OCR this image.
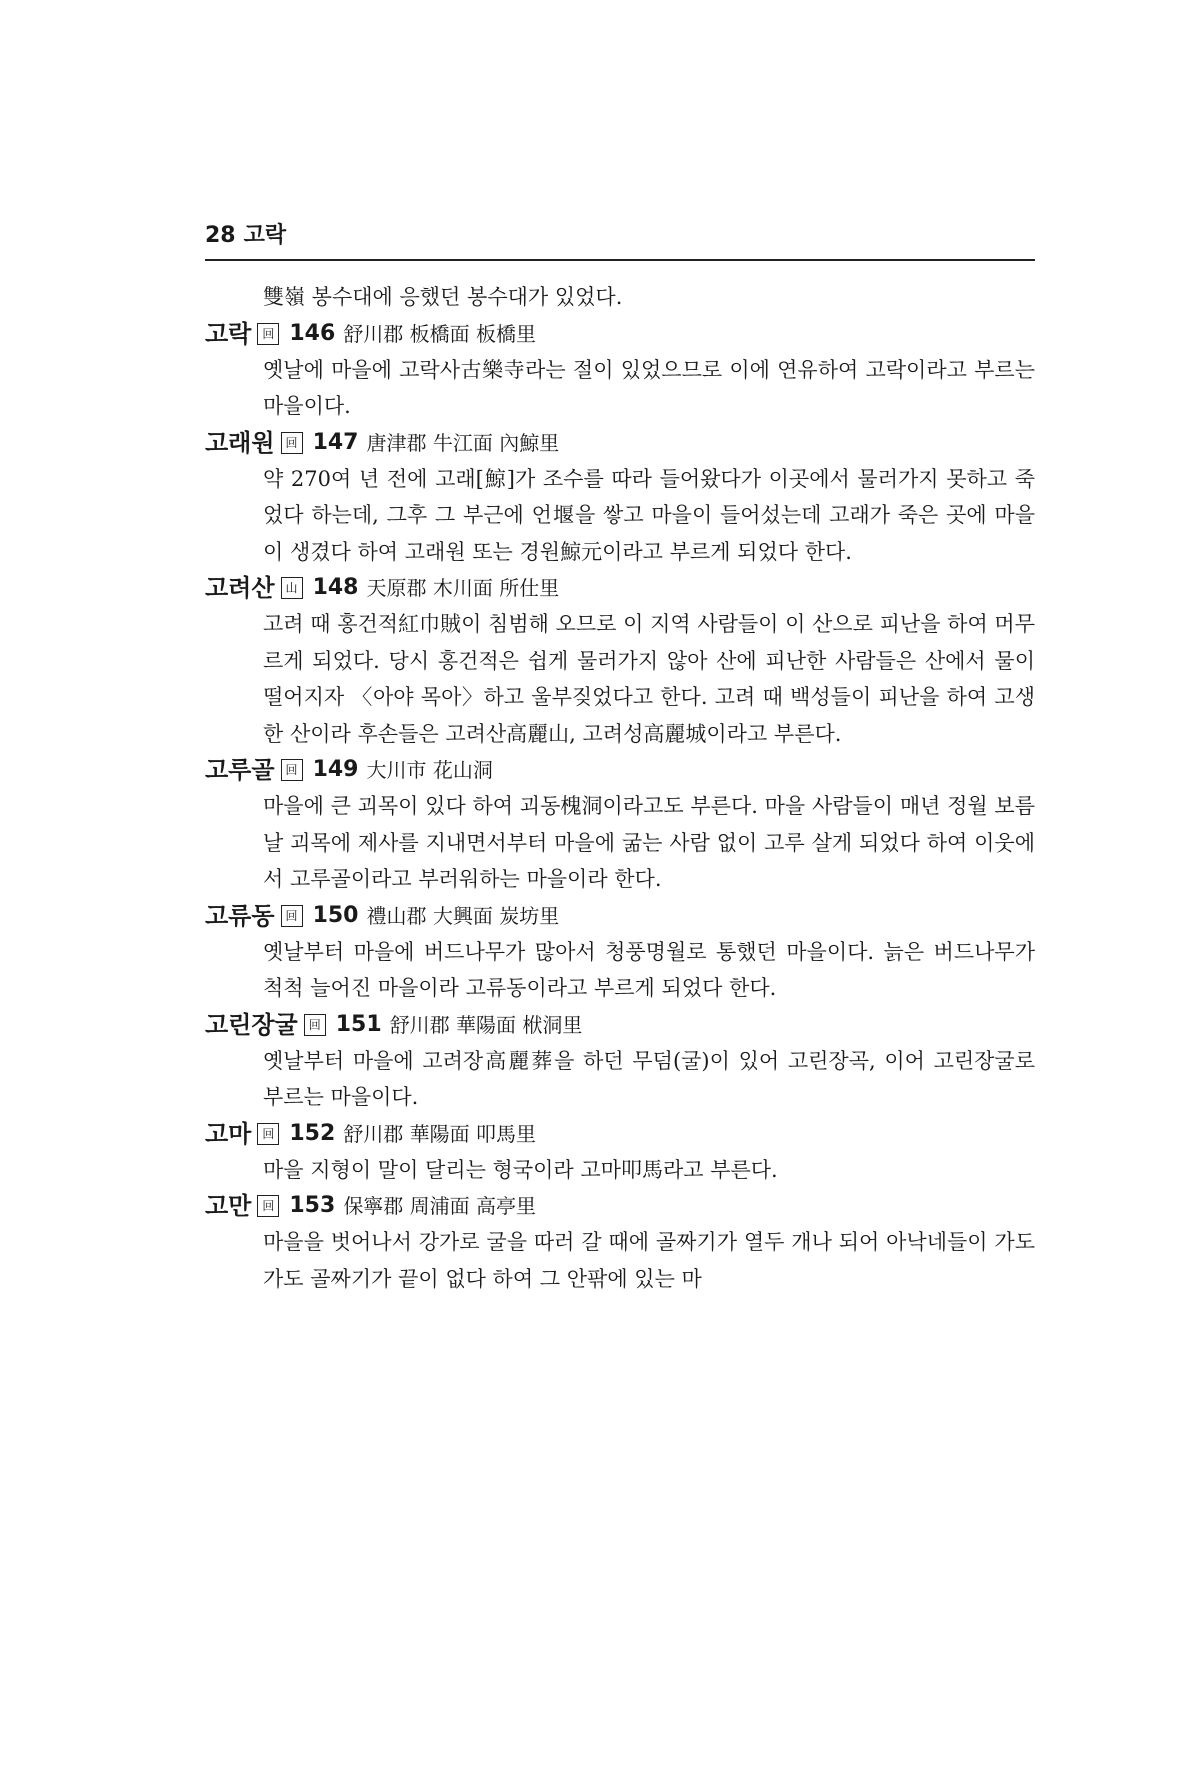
28 고락
雙嶺 봉수대에 응했던 봉수대가 있었다.
고락 回 146 舒川郡 板橋面 板橋里
옛날에 마을에 고락사古樂寺라는 절이 있었으므로 이에 연유하여 고락이라고 부르는 마을이다.
고래원 回 147 唐津郡 牛江面 內鯨里
약 270여 년 전에 고래[鯨]가 조수를 따라 들어왔다가 이곳에서 물러가지 못하고 죽었다 하는데, 그후 그 부근에 언堰을 쌓고 마을이 들어섰는데 고래가 죽은 곳에 마을이 생겼다 하여 고래원 또는 경원鯨元이라고 부르게 되었다 한다.
고려산 山 148 天原郡 木川面 所仕里
고려 때 홍건적紅巾賊이 침범해 오므로 이 지역 사람들이 이 산으로 피난을 하여 머무르게 되었다. 당시 홍건적은 쉽게 물러가지 않아 산에 피난한 사람들은 산에서 물이 떨어지자 〈아야 목아〉하고 울부짖었다고 한다. 고려 때 백성들이 피난을 하여 고생한 산이라 후손들은 고려산高麗山, 고려성高麗城이라고 부른다.
고루골 回 149 大川市 花山洞
마을에 큰 괴목이 있다 하여 괴동槐洞이라고도 부른다. 마을 사람들이 매년 정월 보름 날 괴목에 제사를 지내면서부터 마을에 굶는 사람 없이 고루 살게 되었다 하여 이웃에서 고루골이라고 부러워하는 마을이라 한다.
고류동 回 150 禮山郡 大興面 炭坊里
옛날부터 마을에 버드나무가 많아서 청풍명월로 통했던 마을이다. 늙은 버드나무가 척척 늘어진 마을이라 고류동이라고 부르게 되었다 한다.
고린장굴 回 151 舒川郡 華陽面 栿洞里
옛날부터 마을에 고려장高麗葬을 하던 무덤(굴)이 있어 고린장곡, 이어 고린장굴로 부르는 마을이다.
고마 回 152 舒川郡 華陽面 叩馬里
마을 지형이 말이 달리는 형국이라 고마叩馬라고 부른다.
고만 回 153 保寧郡 周浦面 高亭里
마을을 벗어나서 강가로 굴을 따러 갈 때에 골짜기가 열두 개나 되어 아낙네들이 가도가도 골짜기가 끝이 없다 하여 그 안팎에 있는 마
